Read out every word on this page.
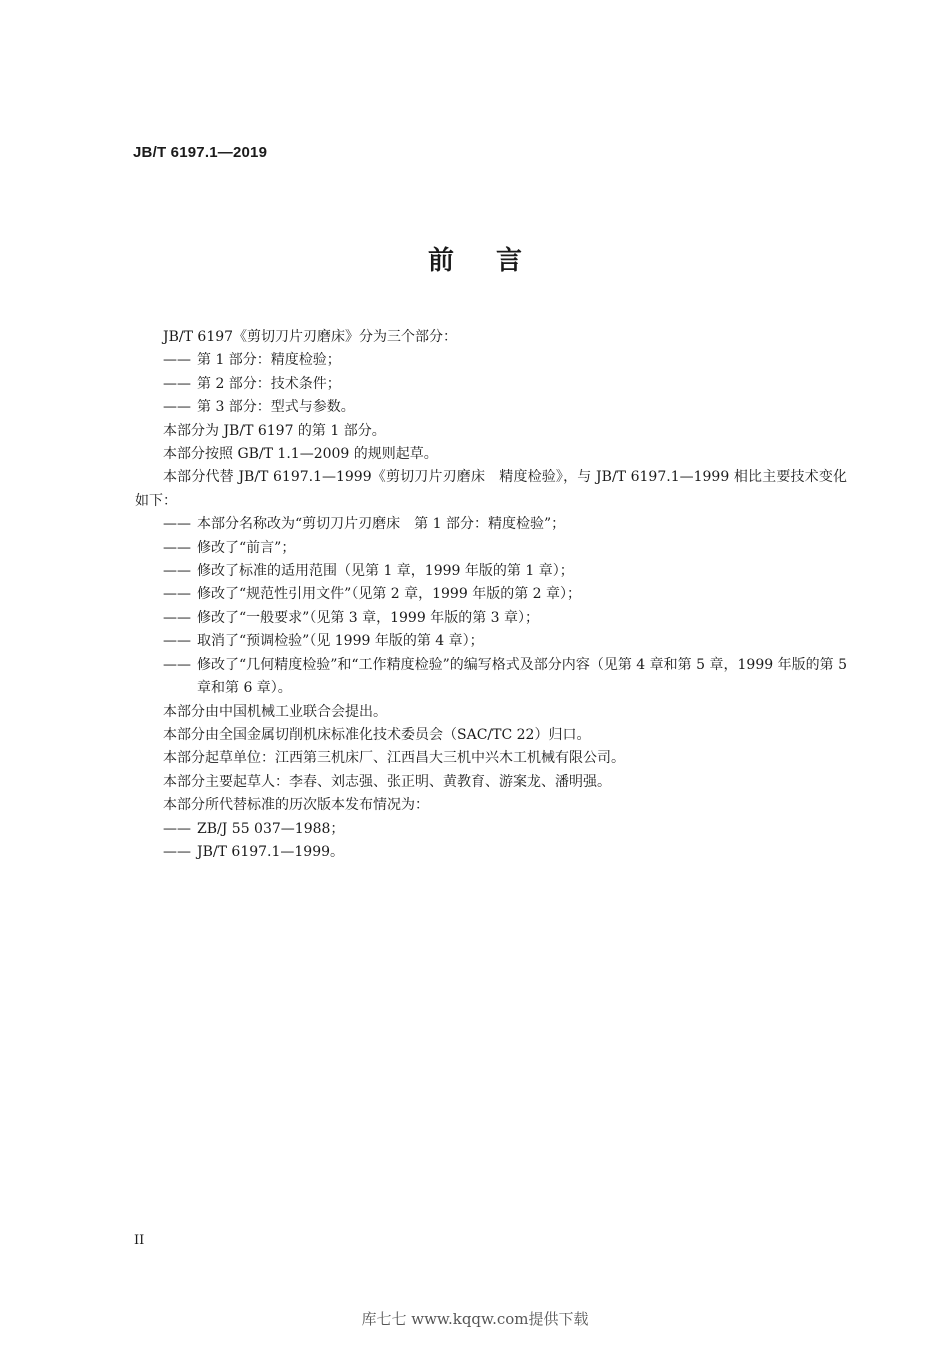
JB/T 6197.1—2019
前言

JB/T 6197《剪切刀片刃磨床》分为三个部分：

—— 第 1 部分：精度检验；

—— 第 2 部分：技术条件；

—— 第 3 部分：型式与参数。

本部分为 JB/T 6197 的第 1 部分。

本部分按照 GB/T 1.1—2009 的规则起草。

本部分代替 JB/T 6197.1—1999《剪切刀片刃磨床　精度检验》，与 JB/T 6197.1—1999 相比主要技术变化如下：

—— 本部分名称改为“剪切刀片刃磨床　第 1 部分：精度检验”；

—— 修改了“前言”；

—— 修改了标准的适用范围（见第 1 章，1999 年版的第 1 章）；

—— 修改了“规范性引用文件”（见第 2 章，1999 年版的第 2 章）；

—— 修改了“一般要求”（见第 3 章，1999 年版的第 3 章）；

—— 取消了“预调检验”（见 1999 年版的第 4 章）；

—— 修改了“几何精度检验”和“工作精度检验”的编写格式及部分内容（见第 4 章和第 5 章，1999 年版的第 5 章和第 6 章）。

本部分由中国机械工业联合会提出。

本部分由全国金属切削机床标准化技术委员会（SAC/TC 22）归口。

本部分起草单位：江西第三机床厂、江西昌大三机中兴木工机械有限公司。

本部分主要起草人：李春、刘志强、张正明、黄教育、游案龙、潘明强。

本部分所代替标准的历次版本发布情况为：

—— ZB/J 55 037—1988；

—— JB/T 6197.1—1999。

II
库七七 www.kqqw.com提供下载
